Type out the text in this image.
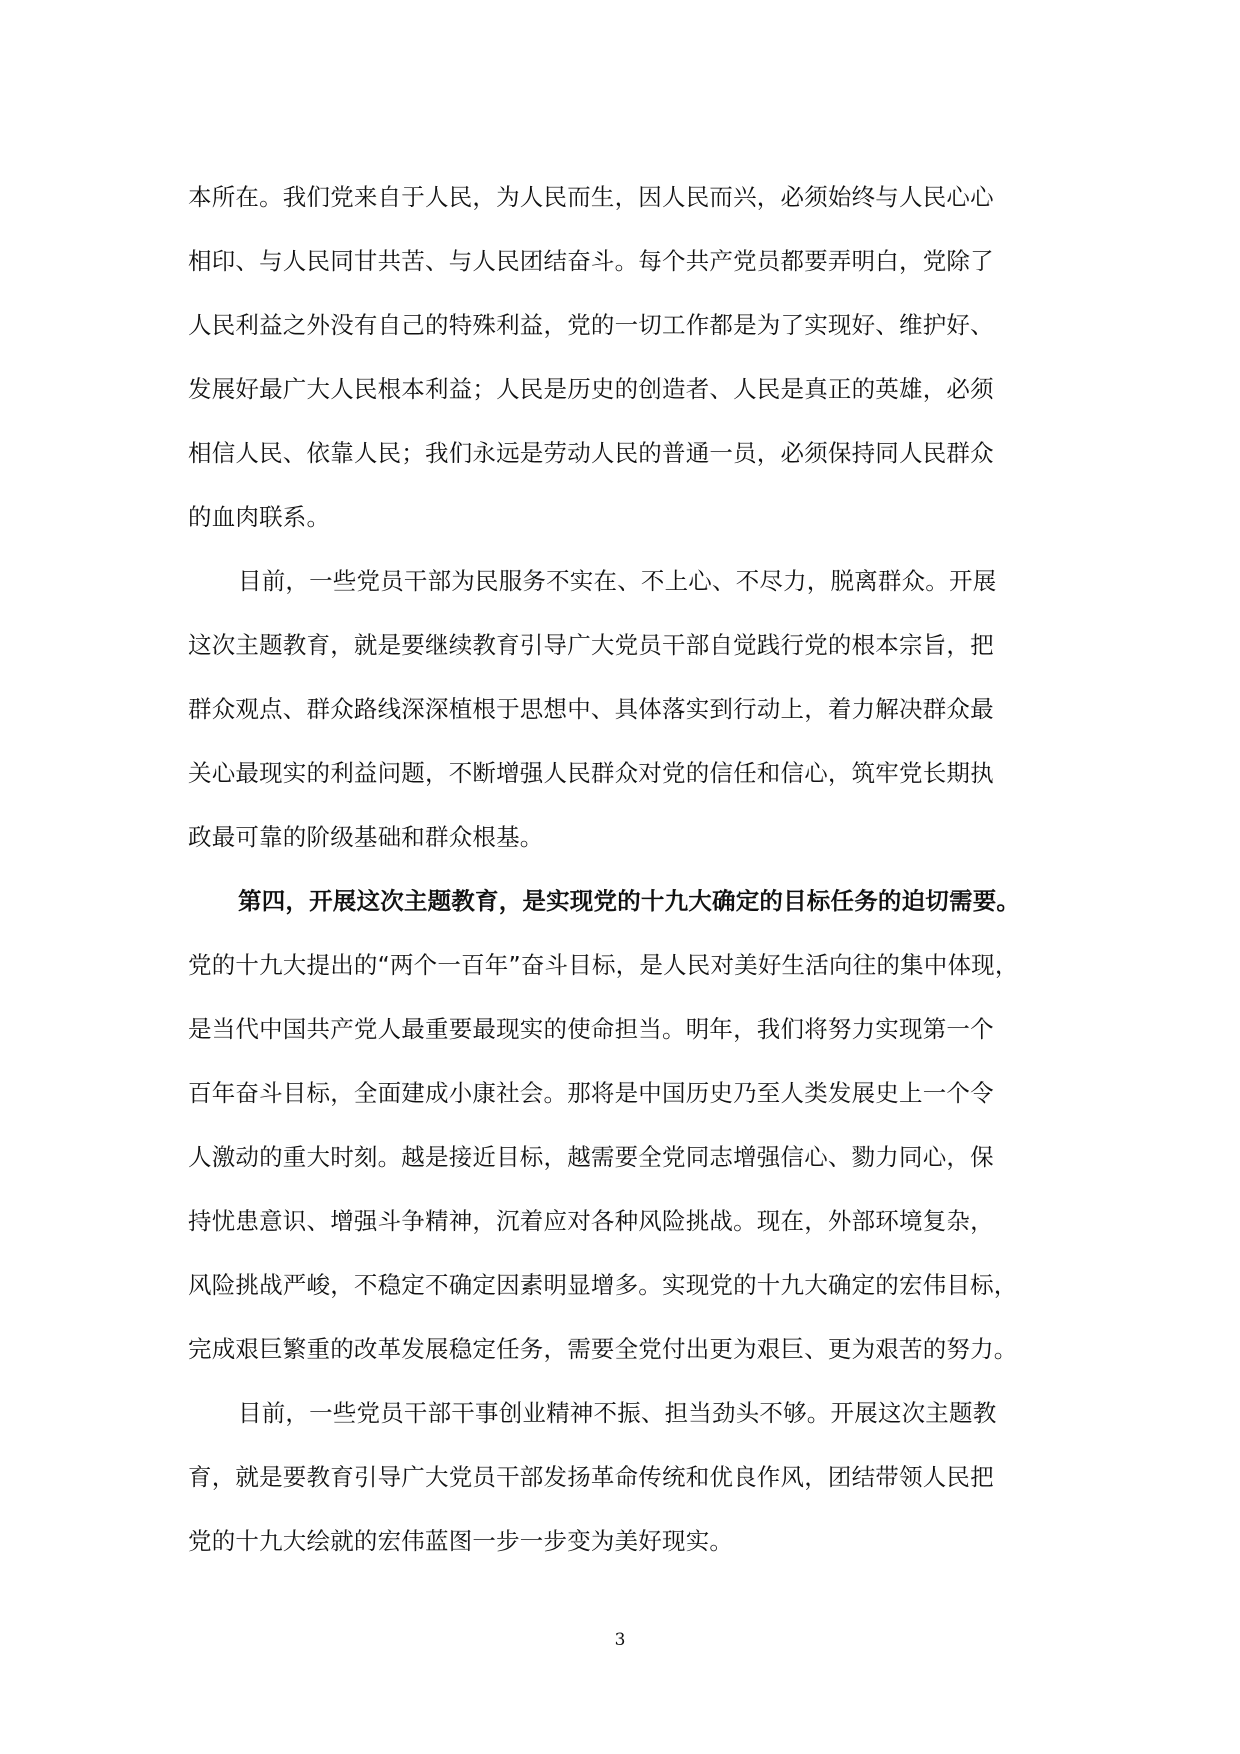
本所在。我们党来自于人民，为人民而生，因人民而兴，必须始终与人民心心
相印、与人民同甘共苦、与人民团结奋斗。每个共产党员都要弄明白，党除了
人民利益之外没有自己的特殊利益，党的一切工作都是为了实现好、维护好、
发展好最广大人民根本利益；人民是历史的创造者、人民是真正的英雄，必须
相信人民、依靠人民；我们永远是劳动人民的普通一员，必须保持同人民群众
的血肉联系。
目前，一些党员干部为民服务不实在、不上心、不尽力，脱离群众。开展
这次主题教育，就是要继续教育引导广大党员干部自觉践行党的根本宗旨，把
群众观点、群众路线深深植根于思想中、具体落实到行动上，着力解决群众最
关心最现实的利益问题，不断增强人民群众对党的信任和信心，筑牢党长期执
政最可靠的阶级基础和群众根基。
第四，开展这次主题教育，是实现党的十九大确定的目标任务的迫切需要。
党的十九大提出的“两个一百年”奋斗目标，是人民对美好生活向往的集中体现，
是当代中国共产党人最重要最现实的使命担当。明年，我们将努力实现第一个
百年奋斗目标，全面建成小康社会。那将是中国历史乃至人类发展史上一个令
人激动的重大时刻。越是接近目标，越需要全党同志增强信心、勠力同心，保
持忧患意识、增强斗争精神，沉着应对各种风险挑战。现在，外部环境复杂，
风险挑战严峻，不稳定不确定因素明显增多。实现党的十九大确定的宏伟目标，
完成艰巨繁重的改革发展稳定任务，需要全党付出更为艰巨、更为艰苦的努力。
目前，一些党员干部干事创业精神不振、担当劲头不够。开展这次主题教
育，就是要教育引导广大党员干部发扬革命传统和优良作风，团结带领人民把
党的十九大绘就的宏伟蓝图一步一步变为美好现实。
3
